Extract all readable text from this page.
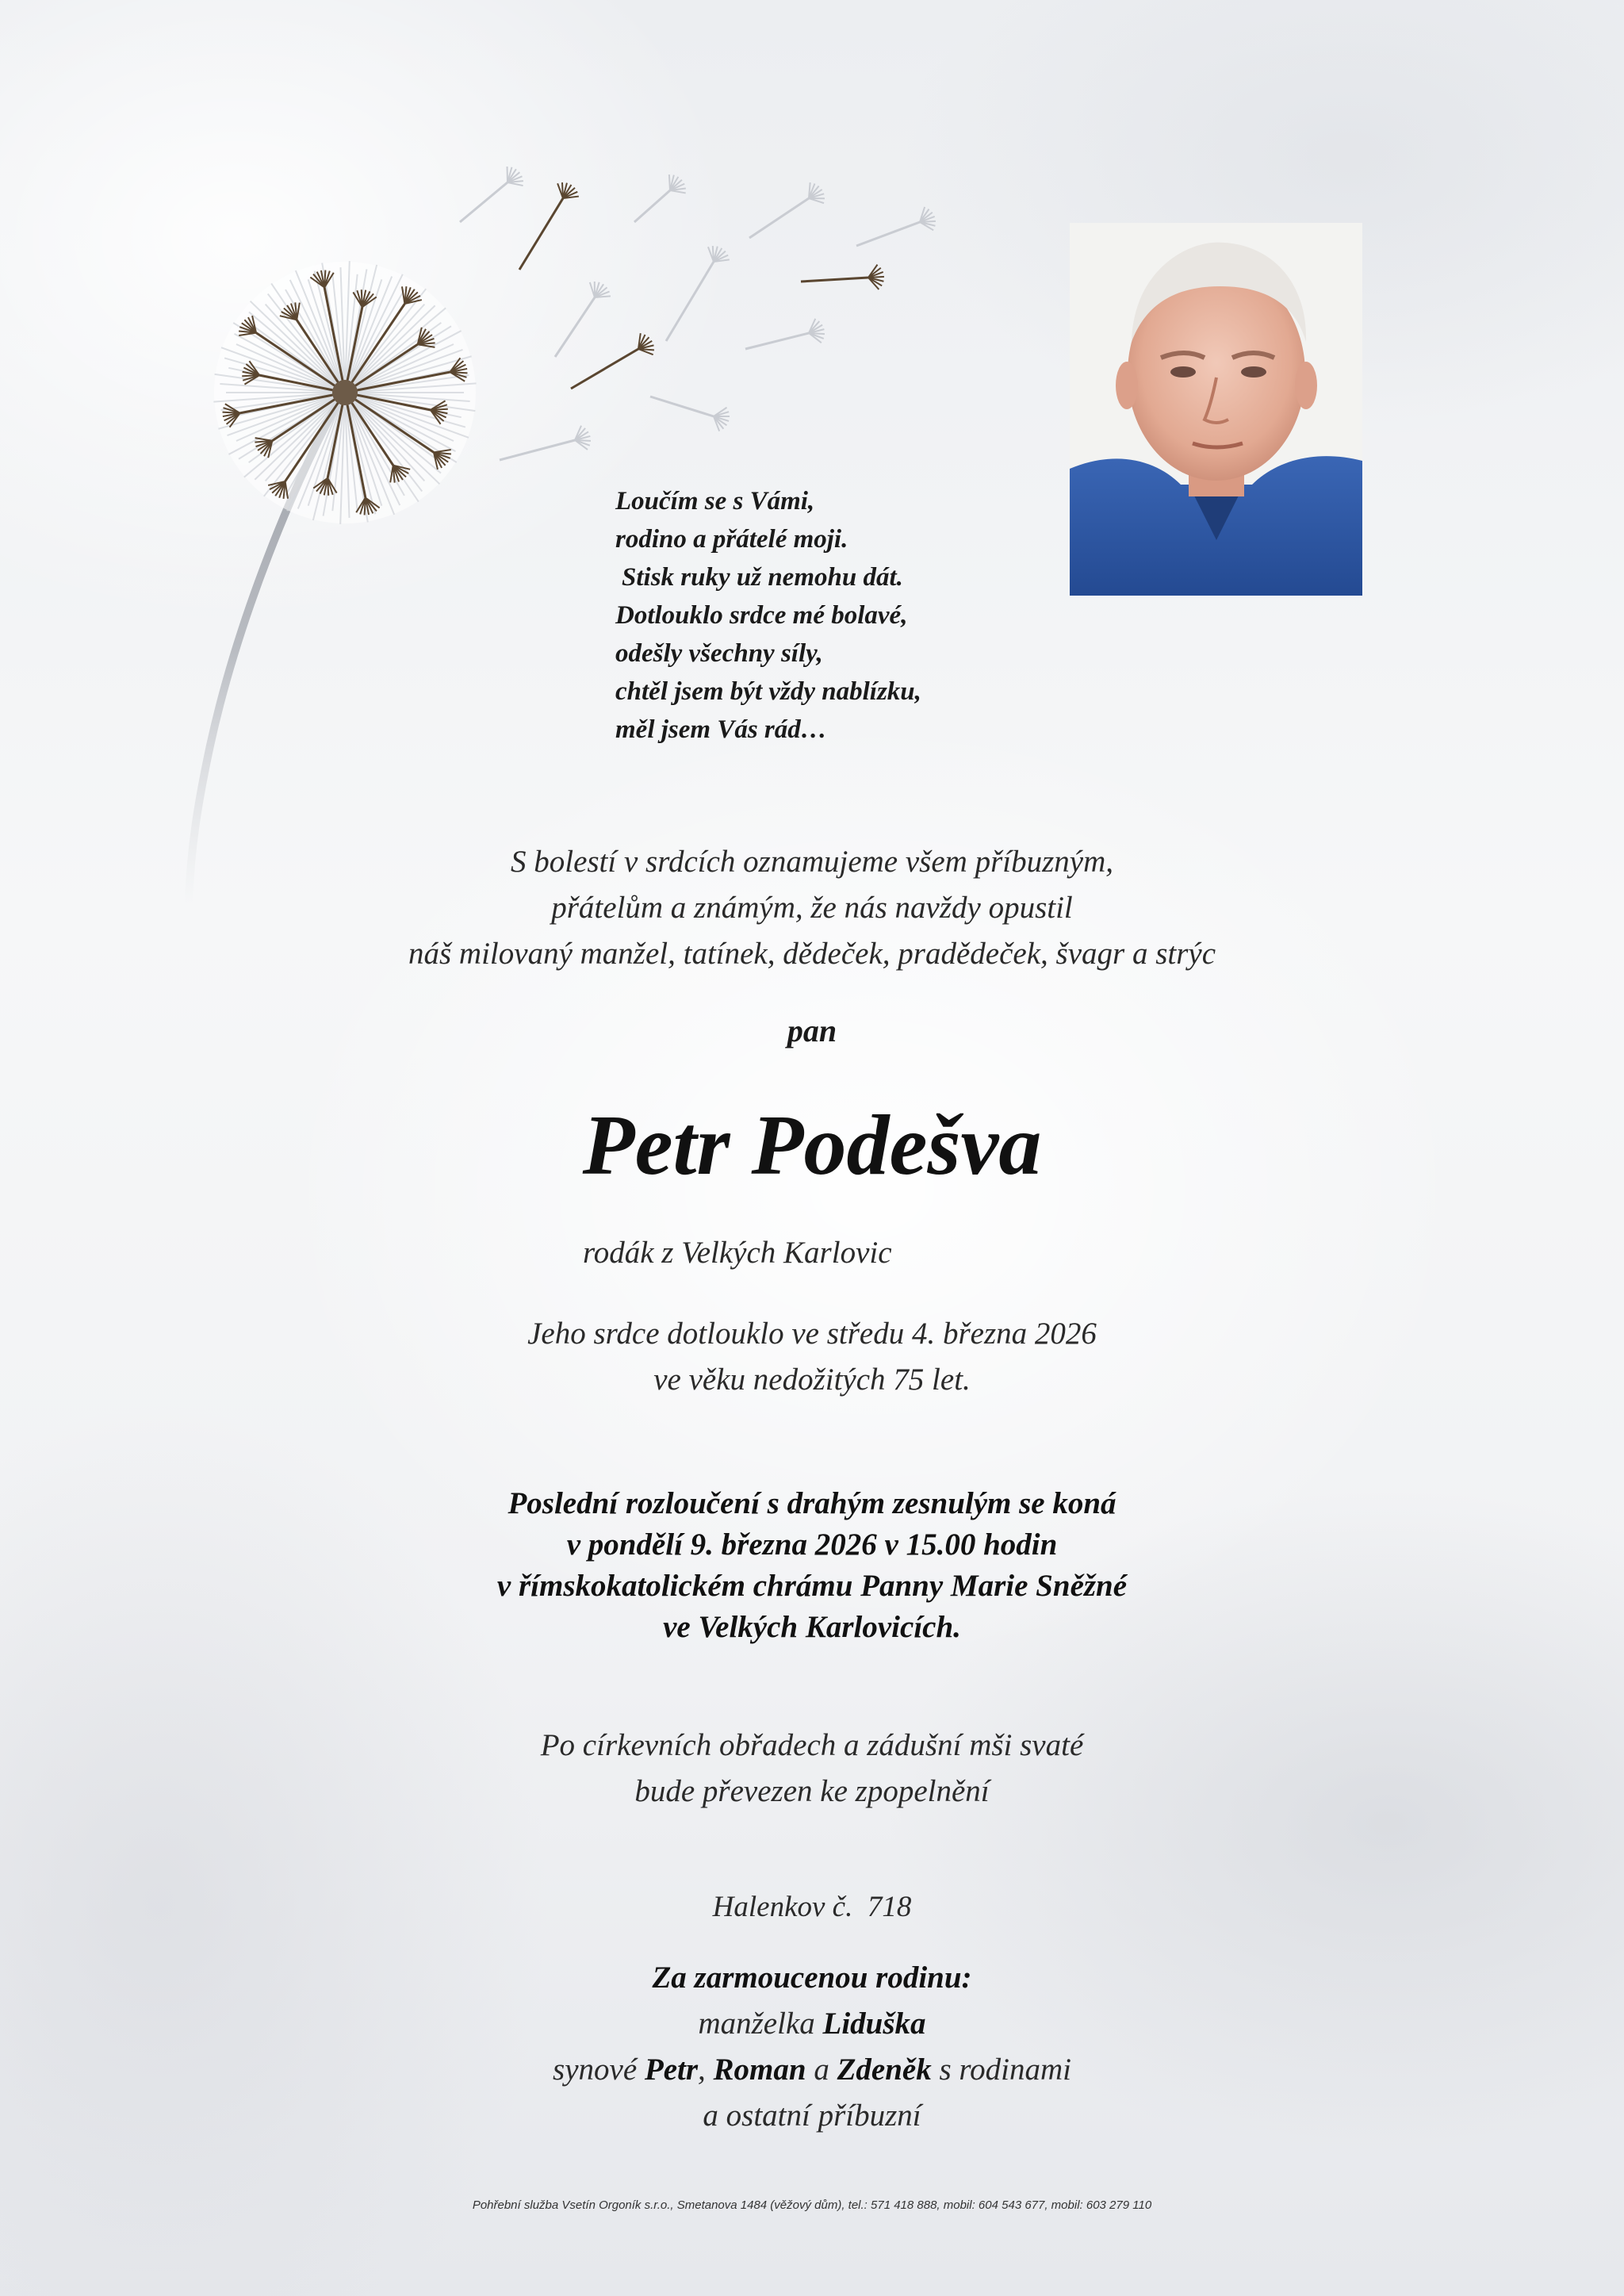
Loučím se s Vámi,
rodino a přátelé moji.
Stisk ruky už nemohu dát.
Dotlouklo srdce mé bolavé,
odešly všechny síly,
chtěl jsem být vždy nablízku,
měl jsem Vás rád…
S bolestí v srdcích oznamujeme všem příbuzným,
přátelům a známým, že nás navždy opustil
náš milovaný manžel, tatínek, dědeček, pradědeček, švagr a strýc
pan
Petr Podešva
rodák z Velkých Karlovic
Jeho srdce dotlouklo ve středu 4. března 2026
ve věku nedožitých 75 let.
Poslední rozloučení s drahým zesnulým se koná
v pondělí 9. března 2026 v 15.00 hodin
v římskokatolickém chrámu Panny Marie Sněžné
ve Velkých Karlovicích.
Po církevních obřadech a zádušní mši svaté
bude převezen ke zpopelnění
Halenkov č.  718
Za zarmoucenou rodinu:
manželka Liduška
synové Petr, Roman a Zdeněk s rodinami
a ostatní příbuzní
Pohřební služba Vsetín Orgoník s.r.o., Smetanova 1484 (věžový dům), tel.: 571 418 888, mobil: 604 543 677, mobil: 603 279 110
